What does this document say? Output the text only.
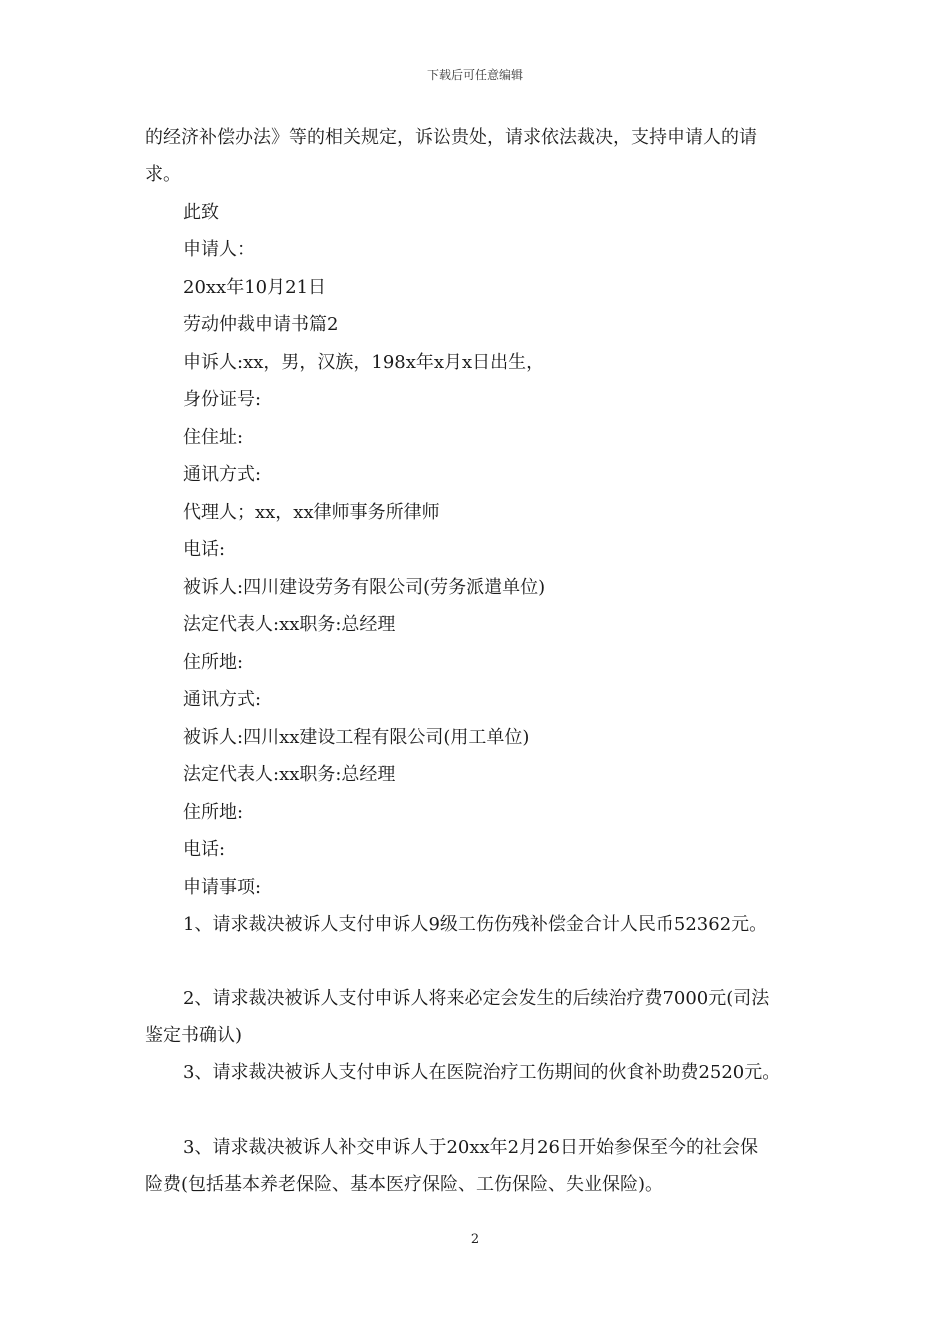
下载后可任意编辑
的经济补偿办法》等的相关规定，诉讼贵处，请求依法裁决，支持申请人的请
求。
此致
申请人：
20xx年10月21日
劳动仲裁申请书篇2
申诉人:xx，男，汉族，198x年x月x日出生，
身份证号:
住住址:
通讯方式:
代理人；xx，xx律师事务所律师
电话:
被诉人:四川建设劳务有限公司(劳务派遣单位)
法定代表人:xx职务:总经理
住所地:
通讯方式:
被诉人:四川xx建设工程有限公司(用工单位)
法定代表人:xx职务:总经理
住所地:
电话:
申请事项:
1、请求裁决被诉人支付申诉人9级工伤伤残补偿金合计人民币52362元。
2、请求裁决被诉人支付申诉人将来必定会发生的后续治疗费7000元(司法
鉴定书确认)
3、请求裁决被诉人支付申诉人在医院治疗工伤期间的伙食补助费2520元。
3、请求裁决被诉人补交申诉人于20xx年2月26日开始参保至今的社会保
险费(包括基本养老保险、基本医疗保险、工伤保险、失业保险)。
2
